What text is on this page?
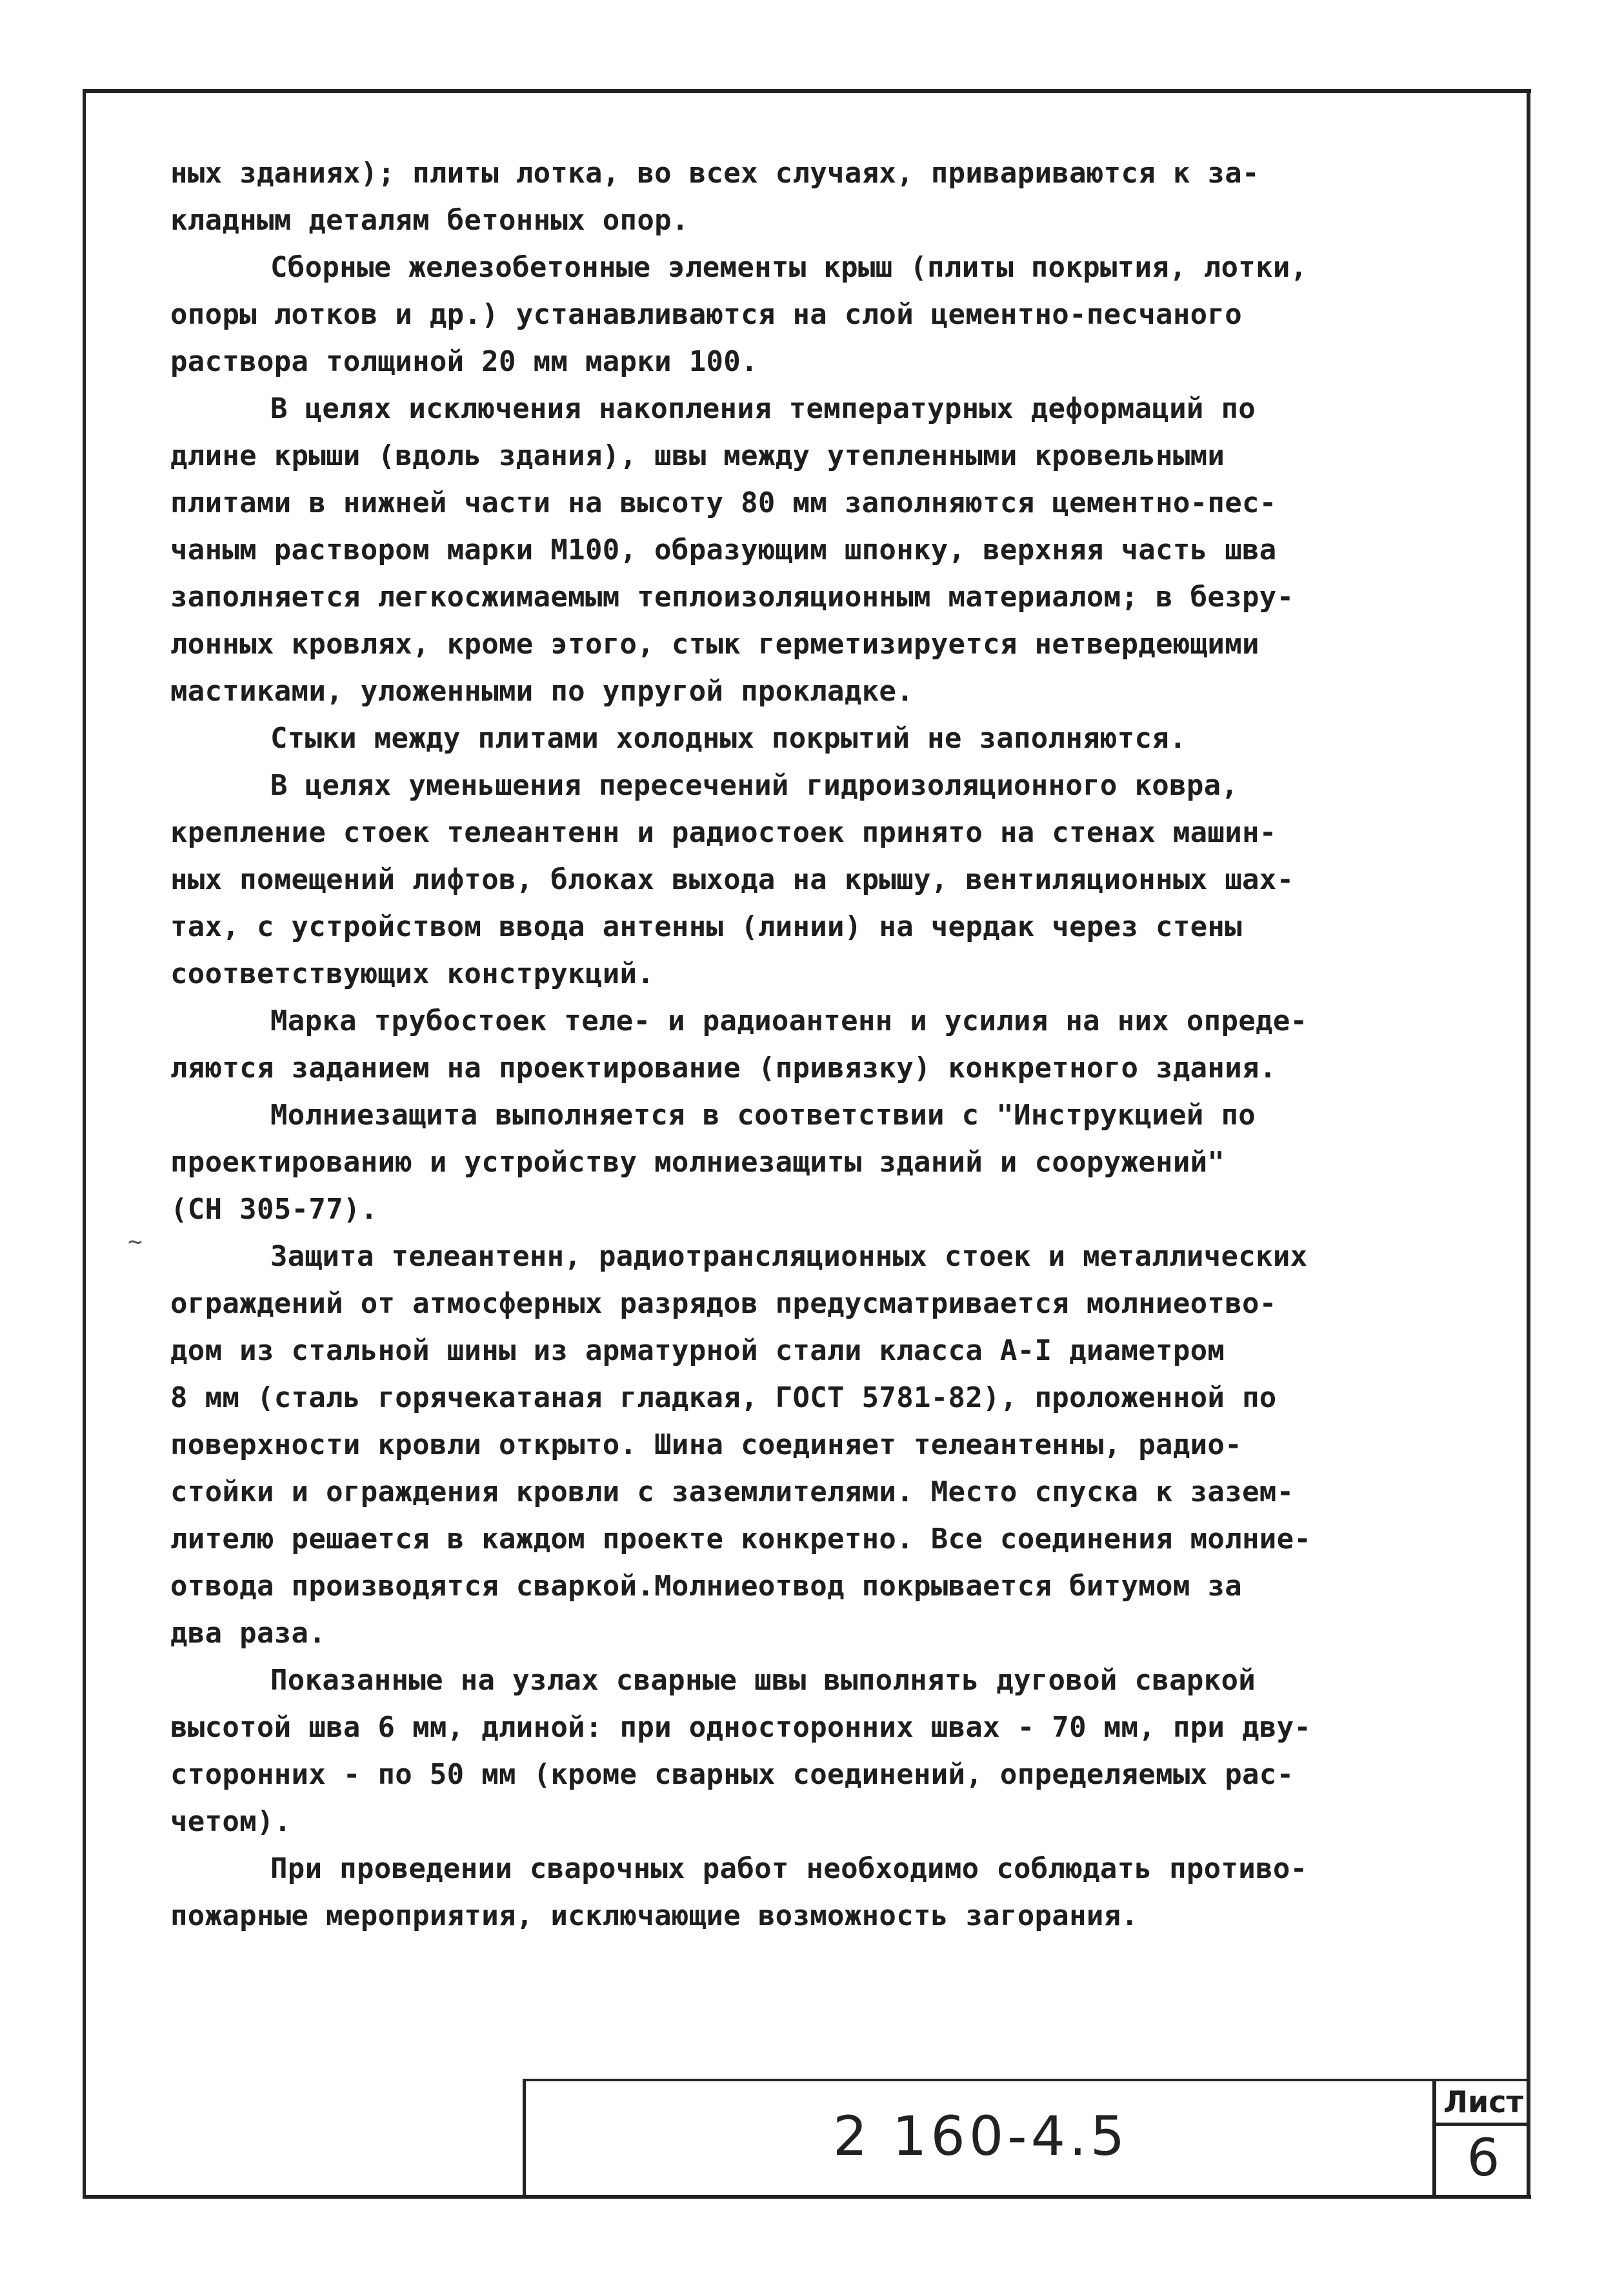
ных зданиях); плиты лотка, во всех случаях, привариваются к за-
кладным деталям бетонных опор.
Сборные железобетонные элементы крыш (плиты покрытия, лотки,
опоры лотков и др.) устанавливаются на слой цементно-песчаного
раствора толщиной 20 мм марки 100.
В целях исключения накопления температурных деформаций по
длине крыши (вдоль здания), швы между утепленными кровельными
плитами в нижней части на высоту 80 мм заполняются цементно-пес-
чаным раствором марки М100, образующим шпонку, верхняя часть шва
заполняется легкосжимаемым теплоизоляционным материалом; в безру-
лонных кровлях, кроме этого, стык герметизируется нетвердеющими
мастиками, уложенными по упругой прокладке.
Стыки между плитами холодных покрытий не заполняются.
В целях уменьшения пересечений гидроизоляционного ковра,
крепление стоек телеантенн и радиостоек принято на стенах машин-
ных помещений лифтов, блоках выхода на крышу, вентиляционных шах-
тах, с устройством ввода антенны (линии) на чердак через стены
соответствующих конструкций.
Марка трубостоек теле- и радиоантенн и усилия на них опреде-
ляются заданием на проектирование (привязку) конкретного здания.
Молниезащита выполняется в соответствии с "Инструкцией по
проектированию и устройству молниезащиты зданий и сооружений"
(СН 305-77).
Защита телеантенн, радиотрансляционных стоек и металлических
ограждений от атмосферных разрядов предусматривается молниеотво-
дом из стальной шины из арматурной стали класса А-I диаметром
8 мм (сталь горячекатаная гладкая, ГОСТ 5781-82), проложенной по
поверхности кровли открыто. Шина соединяет телеантенны, радио-
стойки и ограждения кровли с заземлителями. Место спуска к зазем-
лителю решается в каждом проекте конкретно. Все соединения молние-
отвода производятся сваркой.Молниеотвод покрывается битумом за
два раза.
Показанные на узлах сварные швы выполнять дуговой сваркой
высотой шва 6 мм, длиной: при односторонних швах - 70 мм, при дву-
сторонних - по 50 мм (кроме сварных соединений, определяемых рас-
четом).
При проведении сварочных работ необходимо соблюдать противо-
пожарные мероприятия, исключающие возможность загорания.
~
2 160-4.5
Лист
6
